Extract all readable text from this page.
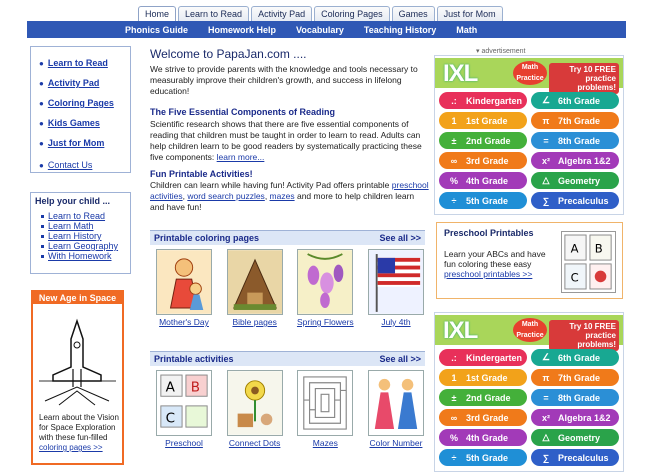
Home	Learn to Read	Activity Pad	Coloring Pages	Games	Just for Mom
Phonics Guide Homework Help Vocabulary Teaching History Math
● Learn to Read
● Activity Pad
● Coloring Pages
● Kids Games
● Just for Mom
● Contact Us
Help your child ...
Learn to Read
Learn Math
Learn History
Learn Geography
With Homework
New Age in Space
Learn about the Vision for Space Exploration with these fun-filled coloring pages >>
Welcome to PapaJan.com ....
We strive to provide parents with the knowledge and tools necessary to measurably improve their children's growth, and success in lifelong education!
The Five Essential Components of Reading
Scientific research shows that there are five essential components of reading that children must be taught in order to learn to read. Adults can help children learn to be good readers by systematically practicing these five components: learn more...
Fun Printable Activities!
Children can learn while having fun! Activity Pad offers printable preschool activities, word search puzzles, mazes and more to help children learn and have fun!
Printable coloring pages	See all >>
Mother's Day	Bible pages Spring Flowers	July 4th
Printable activities	See all >>
A B
C
Preschool	Connect Dots	Mazes	Color Number
▾ advertisement
IXL	Math Practice
Try 10 FREE practice problems!
.:	Kindergarten
1	1st Grade
±	2nd Grade
∞ 3rd Grade
% 4th Grade
÷	5th Grade
∠ 6th Grade
π 7th Grade
=	8th Grade
x² Algebra 1&2
△ Geometry
∑ Precalculus
IXL	Math Practice
Try 10 FREE practice problems!
.:	Kindergarten
1	1st Grade
±	2nd Grade
∞ 3rd Grade
% 4th Grade
÷	5th Grade
∠ 6th Grade
π 7th Grade
=	8th Grade
x² Algebra 1&2
△ Geometry
∑ Precalculus
Preschool Printables
Learn your ABCs and have fun coloring these easy preschool printables >>
A B
C
